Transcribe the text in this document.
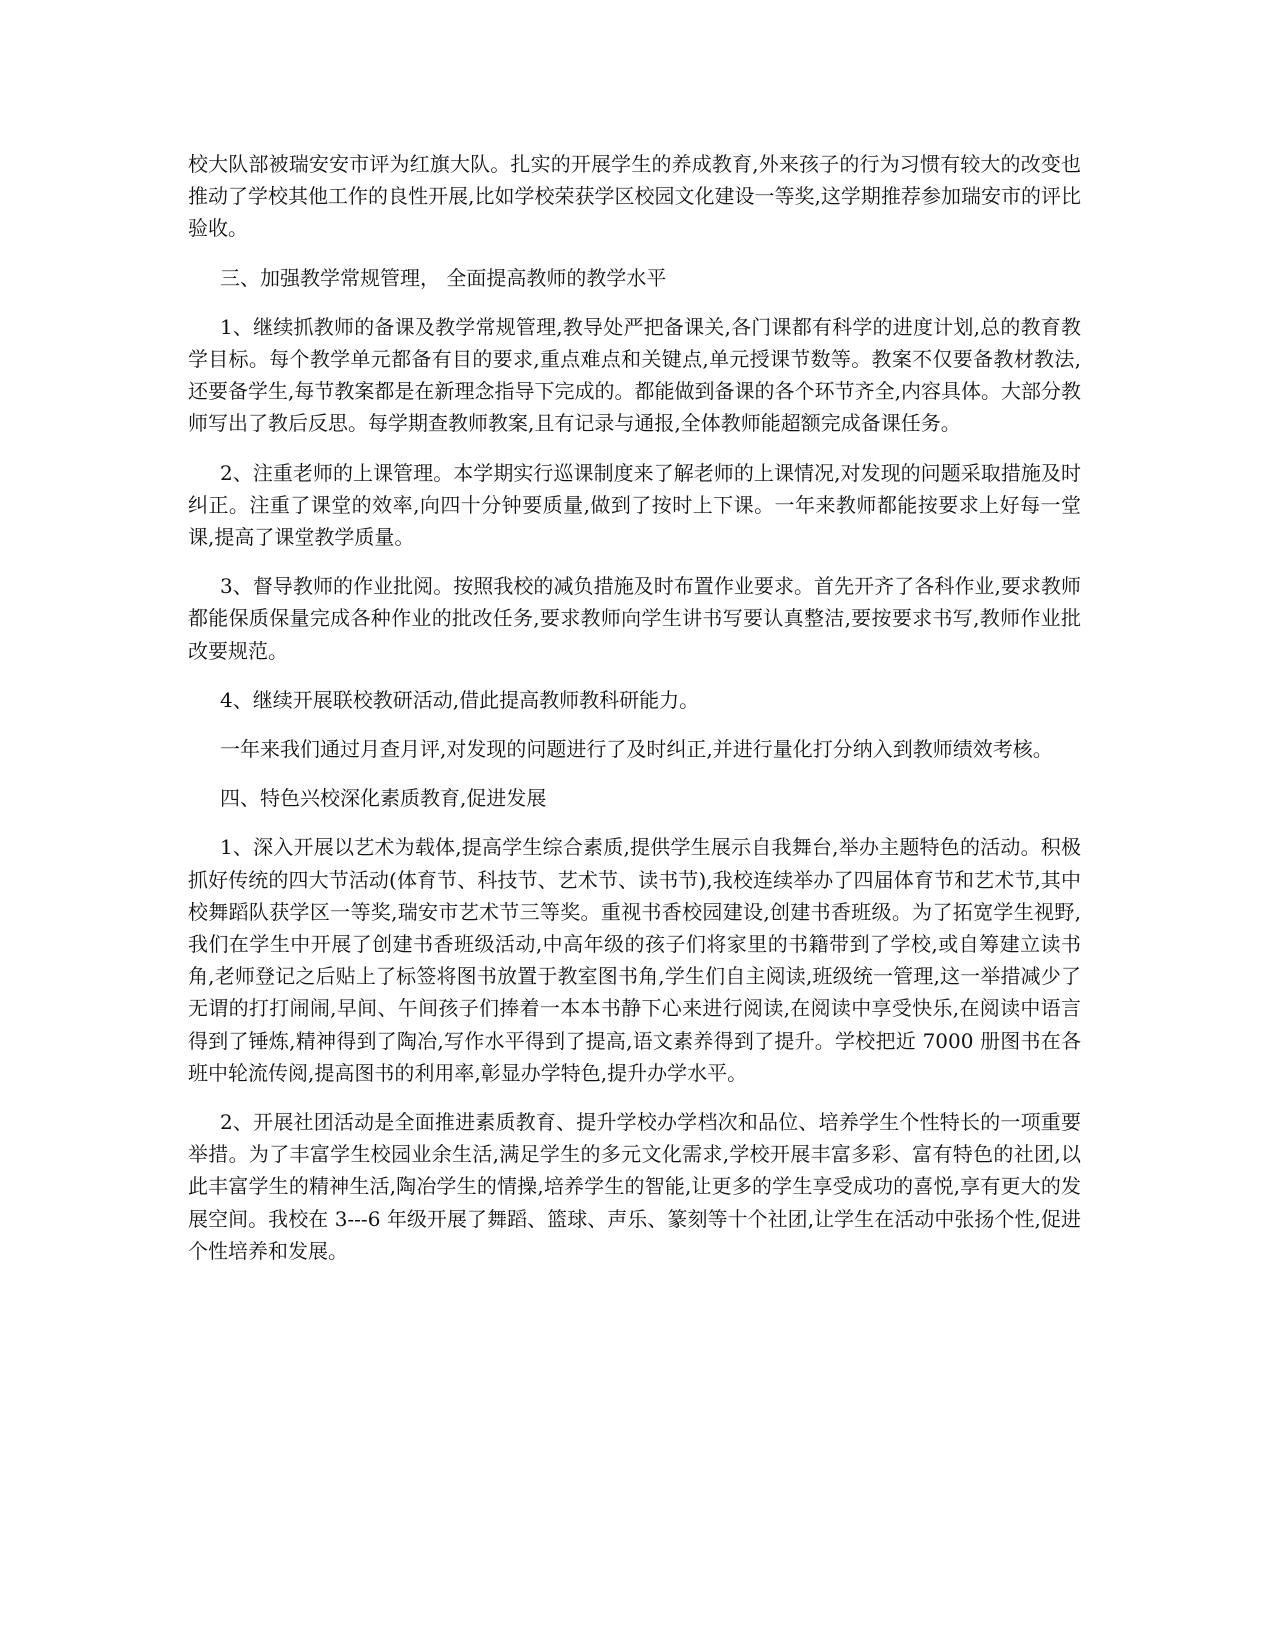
校大队部被瑞安安市评为红旗大队。扎实的开展学生的养成教育,外来孩子的行为习惯有较大的改变也推动了学校其他工作的良性开展,比如学校荣获学区校园文化建设一等奖,这学期推荐参加瑞安市的评比验收。

三、加强教学常规管理， 全面提高教师的教学水平

1、继续抓教师的备课及教学常规管理,教导处严把备课关,各门课都有科学的进度计划,总的教育教学目标。每个教学单元都备有目的要求,重点难点和关键点,单元授课节数等。教案不仅要备教材教法,还要备学生,每节教案都是在新理念指导下完成的。都能做到备课的各个环节齐全,内容具体。大部分教师写出了教后反思。每学期查教师教案,且有记录与通报,全体教师能超额完成备课任务。

2、注重老师的上课管理。本学期实行巡课制度来了解老师的上课情况,对发现的问题采取措施及时纠正。注重了课堂的效率,向四十分钟要质量,做到了按时上下课。一年来教师都能按要求上好每一堂课,提高了课堂教学质量。

3、督导教师的作业批阅。按照我校的减负措施及时布置作业要求。首先开齐了各科作业,要求教师都能保质保量完成各种作业的批改任务,要求教师向学生讲书写要认真整洁,要按要求书写,教师作业批改要规范。

4、继续开展联校教研活动,借此提高教师教科研能力。

一年来我们通过月查月评,对发现的问题进行了及时纠正,并进行量化打分纳入到教师绩效考核。

四、特色兴校深化素质教育,促进发展

1、深入开展以艺术为载体,提高学生综合素质,提供学生展示自我舞台,举办主题特色的活动。积极抓好传统的四大节活动(体育节、科技节、艺术节、读书节),我校连续举办了四届体育节和艺术节,其中校舞蹈队获学区一等奖,瑞安市艺术节三等奖。重视书香校园建设,创建书香班级。为了拓宽学生视野,我们在学生中开展了创建书香班级活动,中高年级的孩子们将家里的书籍带到了学校,或自筹建立读书角,老师登记之后贴上了标签将图书放置于教室图书角,学生们自主阅读,班级统一管理,这一举措减少了无谓的打打闹闹,早间、午间孩子们捧着一本本书静下心来进行阅读,在阅读中享受快乐,在阅读中语言得到了锤炼,精神得到了陶冶,写作水平得到了提高,语文素养得到了提升。学校把近 7000 册图书在各班中轮流传阅,提高图书的利用率,彰显办学特色,提升办学水平。

2、开展社团活动是全面推进素质教育、提升学校办学档次和品位、培养学生个性特长的一项重要举措。为了丰富学生校园业余生活,满足学生的多元文化需求,学校开展丰富多彩、富有特色的社团,以此丰富学生的精神生活,陶冶学生的情操,培养学生的智能,让更多的学生享受成功的喜悦,享有更大的发展空间。我校在 3---6 年级开展了舞蹈、篮球、声乐、篆刻等十个社团,让学生在活动中张扬个性,促进个性培养和发展。
